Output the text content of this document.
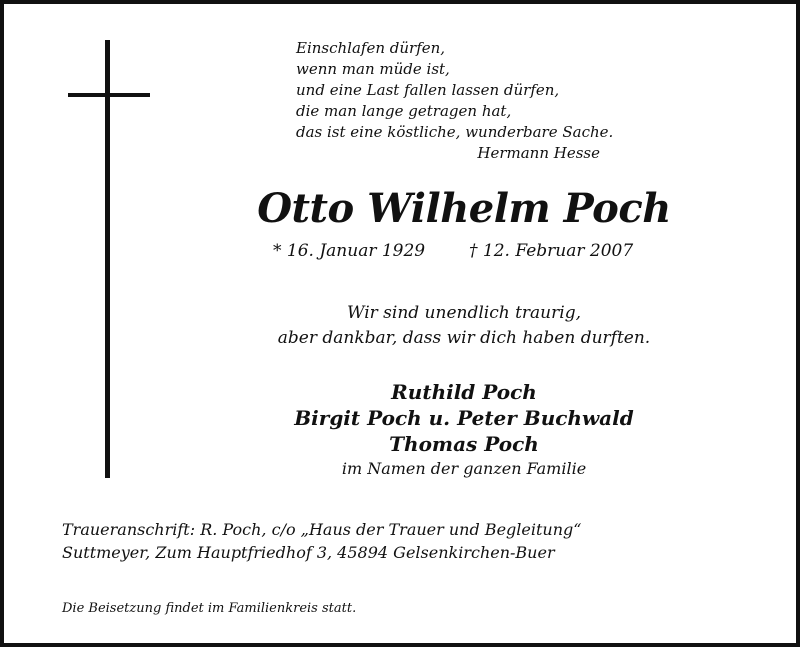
Einschlafen dürfen,
wenn man müde ist,
und eine Last fallen lassen dürfen,
die man lange getragen hat,
das ist eine köstliche, wunderbare Sache.
Hermann Hesse
Otto Wilhelm Poch
* 16. Januar 1929	† 12. Februar 2007
Wir sind unendlich traurig,
aber dankbar, dass wir dich haben durften.
Ruthild Poch
Birgit Poch u. Peter Buchwald
Thomas Poch
im Namen der ganzen Familie
Traueranschrift: R. Poch, c/o „Haus der Trauer und Begleitung“
Suttmeyer, Zum Hauptfriedhof 3, 45894 Gelsenkirchen-Buer
Die Beisetzung findet im Familienkreis statt.
